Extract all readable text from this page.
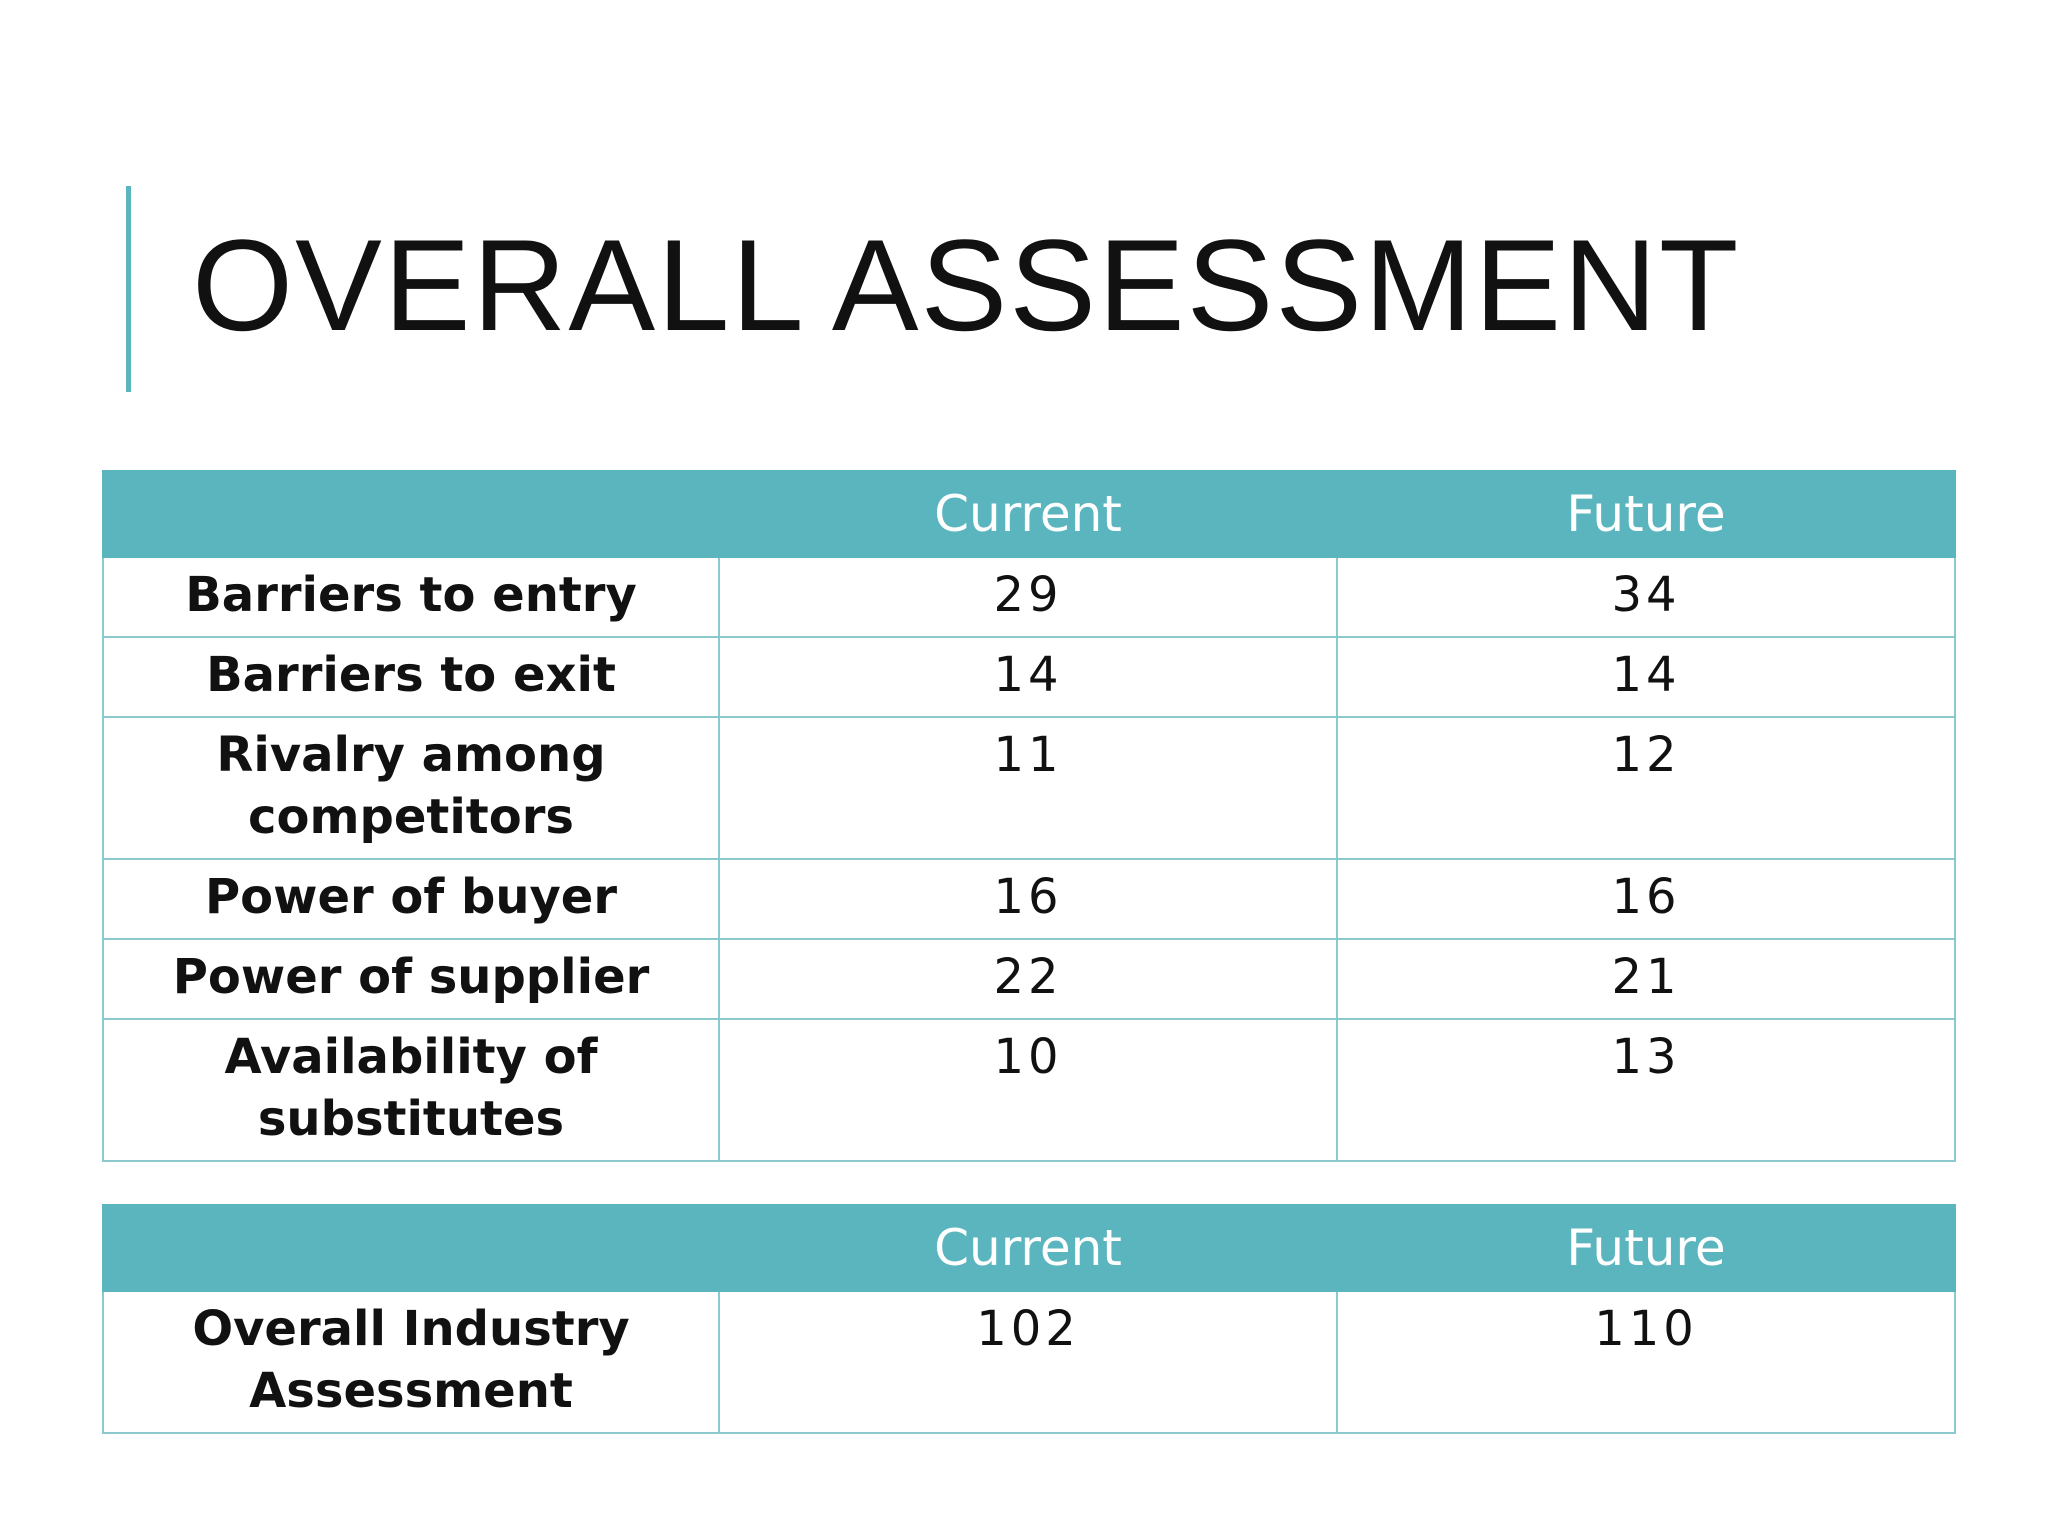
OVERALL ASSESSMENT
	Current	Future
Barriers to entry	29	34
Barriers to exit	14	14

Rivalry among
competitors	11	12
Power of buyer	16	16
Power of supplier	22	21

Availability of
substitutes	10	13
	Current	Future

Overall Industry
Assessment	102	110
